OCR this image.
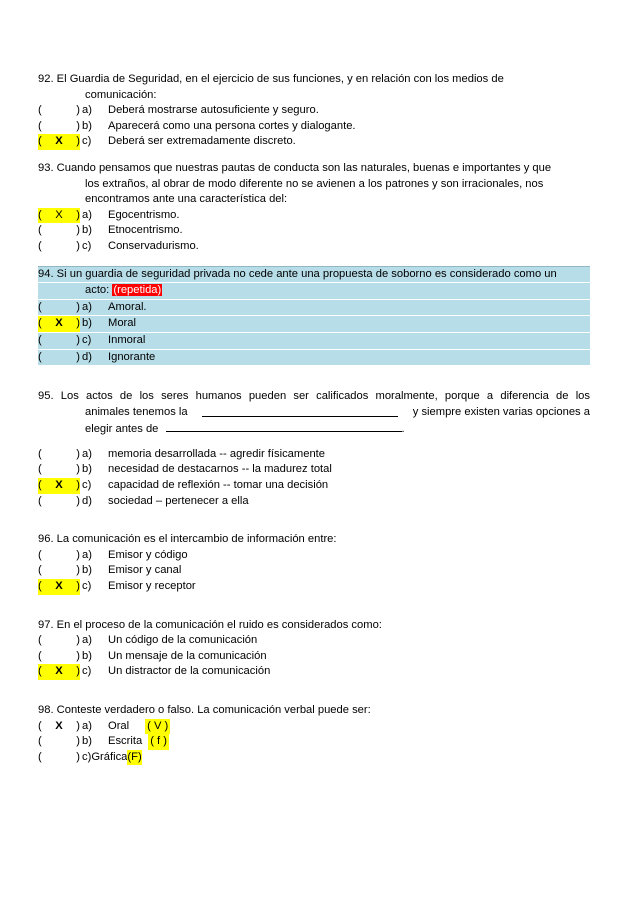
92. El Guardia de Seguridad, en el ejercicio de sus funciones, y en relación con los medios de
comunicación:
(	) a)	Deberá mostrarse autosuficiente y seguro.
(	) b)	Aparecerá como una persona cortes y dialogante.
(	X	) c)	Deberá ser extremadamente discreto.
93. Cuando pensamos que nuestras pautas de conducta son las naturales, buenas e importantes y que
los extraños, al obrar de modo diferente no se avienen a los patrones y son irracionales, nos
encontramos ante una característica del:
(	X	) a)	Egocentrismo.
(	) b)	Etnocentrismo.
(	) c)	Conservadurismo.
94. Si un guardia de seguridad privada no cede ante una propuesta de soborno es considerado como un
acto: (repetida)
(	) a)	Amoral.
(	X	) b)	Moral
(	) c)	Inmoral
(	) d)	Ignorante
95. Los actos de los seres humanos pueden ser calificados moralmente, porque a diferencia de los
animales tenemos la	y siempre existen varias opciones a
elegir antes de	.
(	) a)	memoria desarrollada -- agredir físicamente
(	) b)	necesidad de destacarnos -- la madurez total
(	X	) c)	capacidad de reflexión -- tomar una decisión
(	) d)	sociedad – pertenecer a ella
96. La comunicación es el intercambio de información entre:
(	) a)	Emisor y código
(	) b)	Emisor y canal
(	X	) c)	Emisor y receptor
97. En el proceso de la comunicación el ruido es considerados como:
(	) a)	Un código de la comunicación
(	) b)	Un mensaje de la comunicación
(	X	) c)	Un distractor de la comunicación
98. Conteste verdadero o falso. La comunicación verbal puede ser:
(	X	) a)	Oral ( V )
(	) b)	Escrita ( f )
(	) c)Gráfica (F)
